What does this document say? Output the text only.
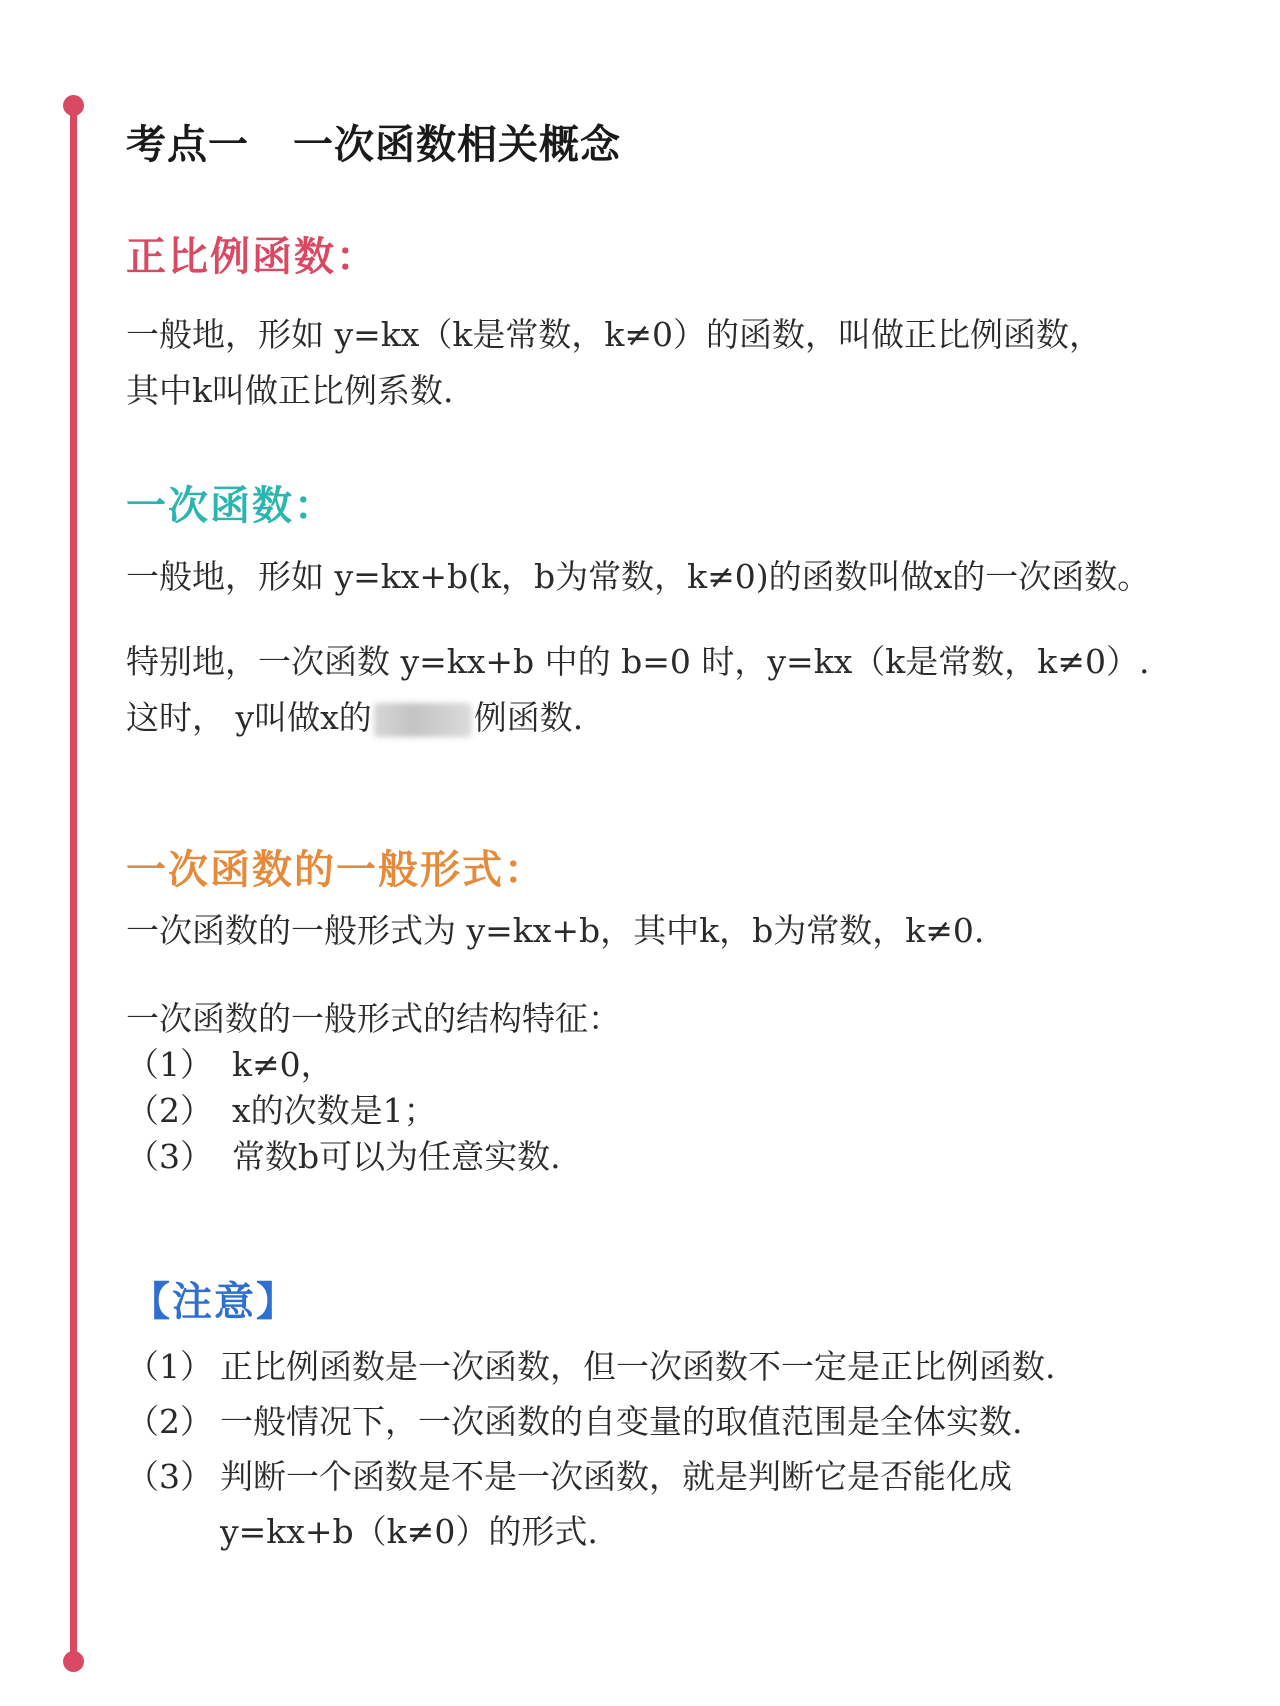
考点一 一次函数相关概念
正比例函数：
一般地，形如 y=kx（k是常数，k≠0）的函数，叫做正比例函数，
其中k叫做正比例系数.
一次函数：
一般地，形如 y=kx+b(k，b为常数，k≠0)的函数叫做x的一次函数。
特别地，一次函数 y=kx+b 中的 b=0 时，y=kx（k是常数，k≠0）.
这时， y叫做x的	例函数.
一次函数的一般形式：
一次函数的一般形式为 y=kx+b，其中k，b为常数，k≠0.
一次函数的一般形式的结构特征：
（1） k≠0，
（2） x的次数是1；
（3） 常数b可以为任意实数.
【注意】
（1） 正比例函数是一次函数，但一次函数不一定是正比例函数.
（2） 一般情况下，一次函数的自变量的取值范围是全体实数.
（3） 判断一个函数是不是一次函数，就是判断它是否能化成
y=kx+b（k≠0）的形式.
